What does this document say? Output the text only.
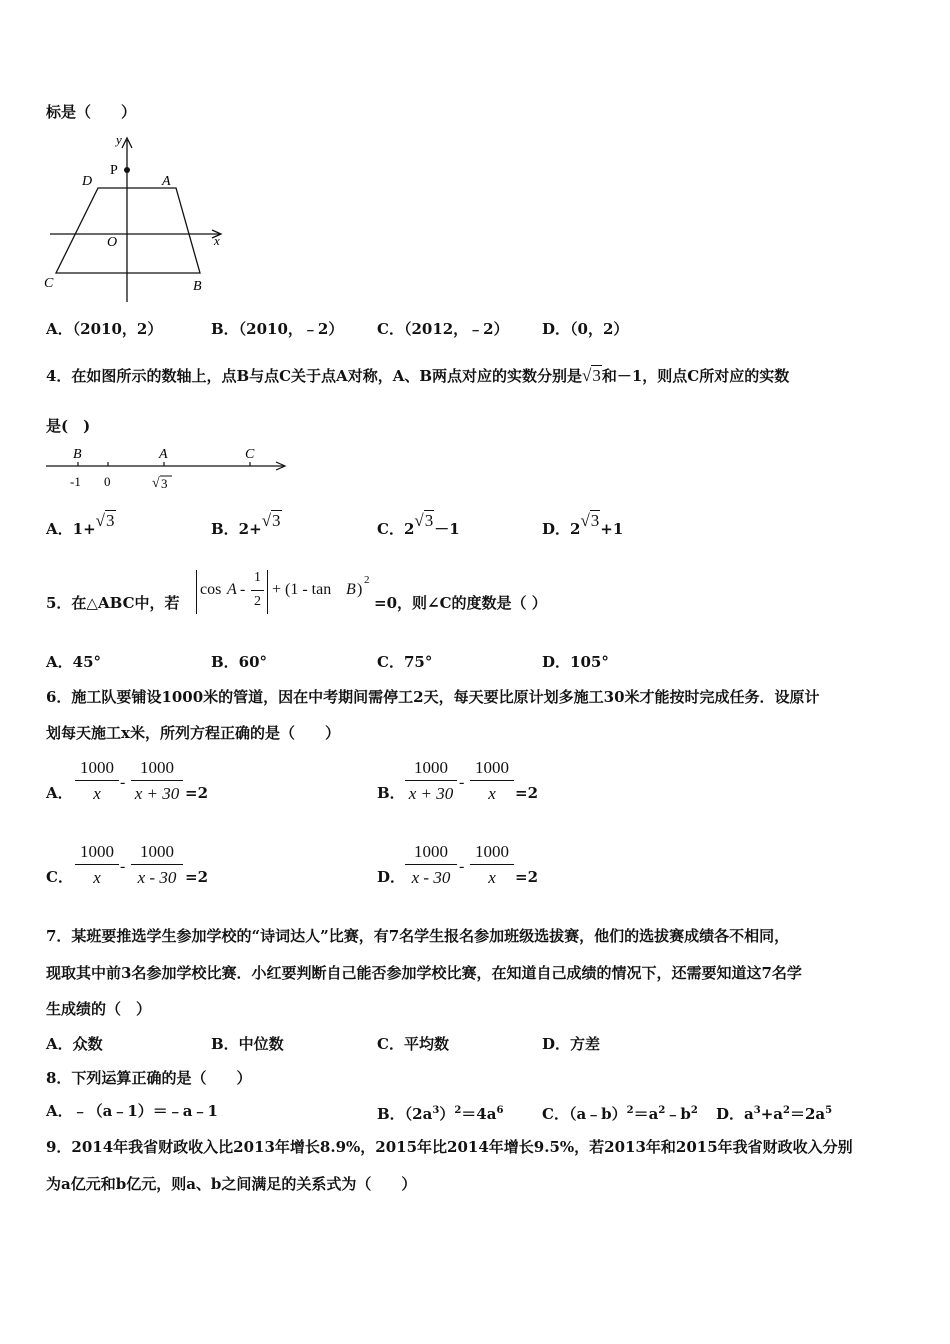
标是（　　）
y
x
P
D	A
O
C	B
A．（2010，2）	B．（2010，﹣2） C．（2012，﹣2） D．（0，2）
4．在如图所示的数轴上，点B与点C关于点A对称，A、B两点对应的实数分别是√3和－1，则点C所对应的实数
是(　)
B	A	C
-1 0	√ 3
A．1+√3	B．2+√3	C．2√3－1	D．2√3+1
5．在△ABC中，若
cos A -
1
2
+ (1 - tan B )
2
=0，则∠C的度数是（ ）
A．45°	B．60°	C．75°	D．105°
6．施工队要铺设1000米的管道，因在中考期间需停工2天，每天要比原计划多施工30米才能按时完成任务．设原计
划每天施工x米，所列方程正确的是（　　）
A． $\frac{1000}{x} - \frac{1000}{x + 30} =2$	B． $\frac{1000}{x + 30} - \frac{1000}{x} =2$
C． $\frac{1000}{x} - \frac{1000}{x - 30} =2$	D． $\frac{1000}{x - 30} - \frac{1000}{x} =2$
7．某班要推选学生参加学校的“诗词达人”比赛，有7名学生报名参加班级选拔赛，他们的选拔赛成绩各不相同，
现取其中前3名参加学校比赛．小红要判断自己能否参加学校比赛，在知道自己成绩的情况下，还需要知道这7名学
生成绩的（　）
A．众数	B．中位数	C．平均数	D．方差
8．下列运算正确的是（　　）
A．﹣（a﹣1）＝﹣a﹣1	B．$(2a^3)^2=4a^6$	C．$(a﹣b)^2=a^2﹣b^2$ D．$a^3+a^2=2a^5$
9．2014年我省财政收入比2013年增长8.9%，2015年比2014年增长9.5%，若2013年和2015年我省财政收入分别
为a亿元和b亿元，则a、b之间满足的关系式为（　　）
